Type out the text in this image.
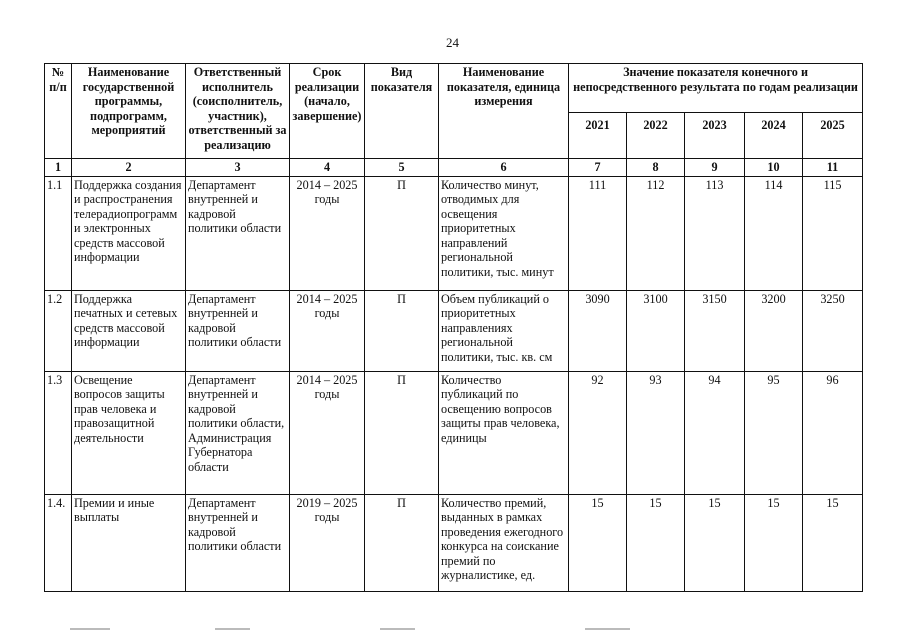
24
№ п/п	Наименование государственной программы, подпрограмм, мероприятий	Ответственный исполнитель (соисполнитель, участник), ответственный за реализацию	Срок реализации (начало, завершение)	Вид показателя	Наименование показателя, единица измерения	Значение показателя конечного и непосредственного результата по годам реализации				
						2021	2022	2023	2024	2025
1	2	3	4	5	6	7	8	9	10	11
1.1	Поддержка создания и распространения телерадиопрограмм и электронных средств массовой информации	Департамент внутренней и кадровой политики области	2014 – 2025 годы	П	Количество минут, отводимых для освещения приоритетных направлений региональной политики, тыс. минут	111	112	113	114	115
1.2	Поддержка печатных и сетевых средств массовой информации	Департамент внутренней и кадровой политики области	2014 – 2025 годы	П	Объем публикаций о приоритетных направлениях региональной политики, тыс. кв. см	3090	3100	3150	3200	3250
1.3	Освещение вопросов защиты прав человека и правозащитной деятельности	Департамент внутренней и кадровой политики области, Администрация Губернатора области	2014 – 2025 годы	П	Количество публикаций по освещению вопросов защиты прав человека, единицы	92	93	94	95	96
1.4.	Премии и иные выплаты	Департамент внутренней и кадровой политики области	2019 – 2025 годы	П	Количество премий, выданных в рамках проведения ежегодного конкурса на соискание премий по журналистике, ед.	15	15	15	15	15
